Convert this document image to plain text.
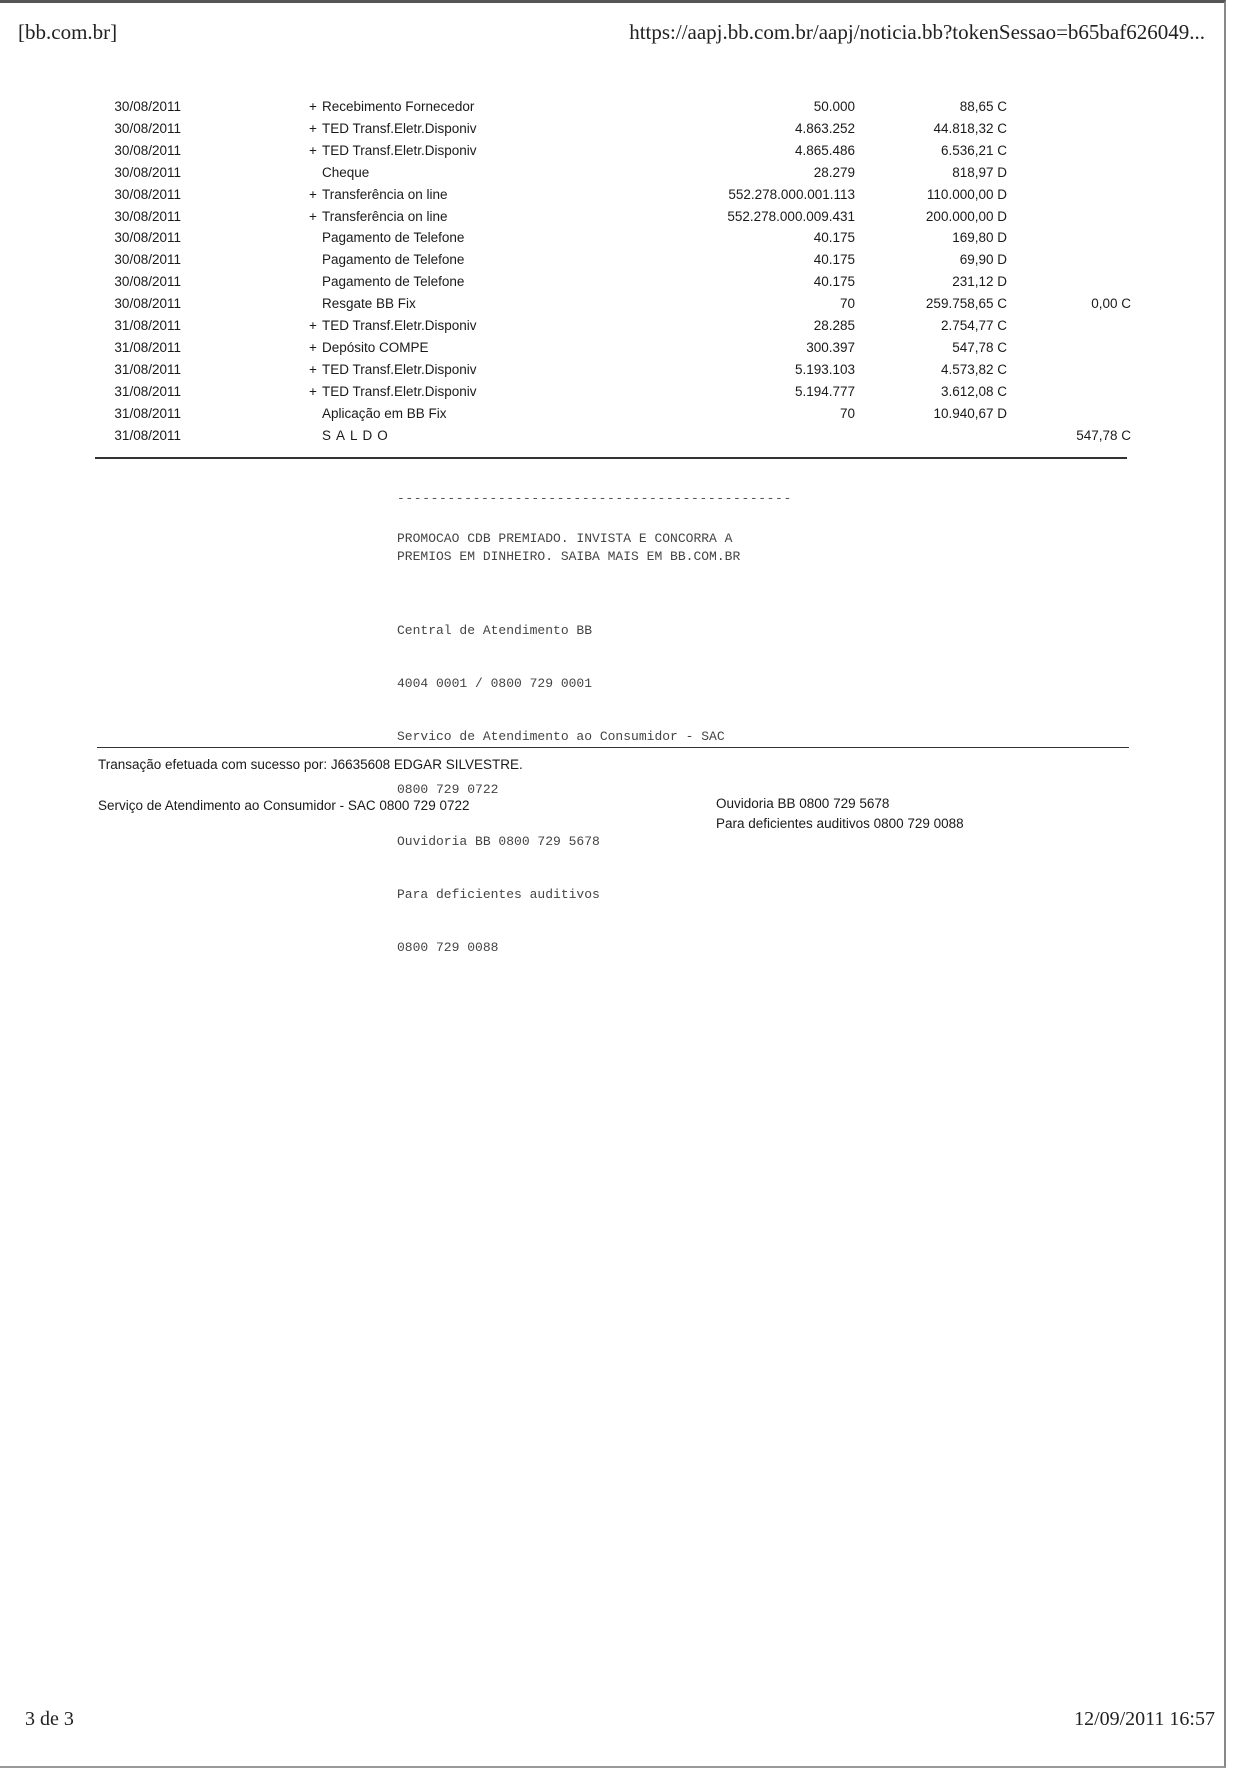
[bb.com.br]	https://aapj.bb.com.br/aapj/noticia.bb?tokenSessao=b65baf626049...
30/08/2011	+ Recebimento Fornecedor	50.000	88,65 C	
30/08/2011	+ TED Transf.Eletr.Disponiv	4.863.252	44.818,32 C	
30/08/2011	+ TED Transf.Eletr.Disponiv	4.865.486	6.536,21 C	
30/08/2011	Cheque	28.279	818,97 D	
30/08/2011	+ Transferência on line	552.278.000.001.113	110.000,00 D	
30/08/2011	+ Transferência on line	552.278.000.009.431	200.000,00 D	
30/08/2011	Pagamento de Telefone	40.175	169,80 D	
30/08/2011	Pagamento de Telefone	40.175	69,90 D	
30/08/2011	Pagamento de Telefone	40.175	231,12 D	
30/08/2011	Resgate BB Fix	70	259.758,65 C	0,00 C
31/08/2011	+ TED Transf.Eletr.Disponiv	28.285	2.754,77 C	
31/08/2011	+ Depósito COMPE	300.397	547,78 C	
31/08/2011	+ TED Transf.Eletr.Disponiv	5.193.103	4.573,82 C	
31/08/2011	+ TED Transf.Eletr.Disponiv	5.194.777	3.612,08 C	
31/08/2011	Aplicação em BB Fix	70	10.940,67 D	
31/08/2011	SALDO			547,78 C
-----------------------------------------------
PROMOCAO CDB PREMIADO. INVISTA E CONCORRA A
PREMIOS EM DINHEIRO. SAIBA MAIS EM BB.COM.BR

Central de Atendimento BB

4004 0001 / 0800 729 0001

Servico de Atendimento ao Consumidor - SAC

0800 729 0722

Ouvidoria BB 0800 729 5678

Para deficientes auditivos

0800 729 0088

Transação efetuada com sucesso por: J6635608 EDGAR SILVESTRE.
Serviço de Atendimento ao Consumidor - SAC 0800 729 0722	Ouvidoria BB 0800 729 5678
Para deficientes auditivos 0800 729 0088
3 de 3	12/09/2011 16:57
